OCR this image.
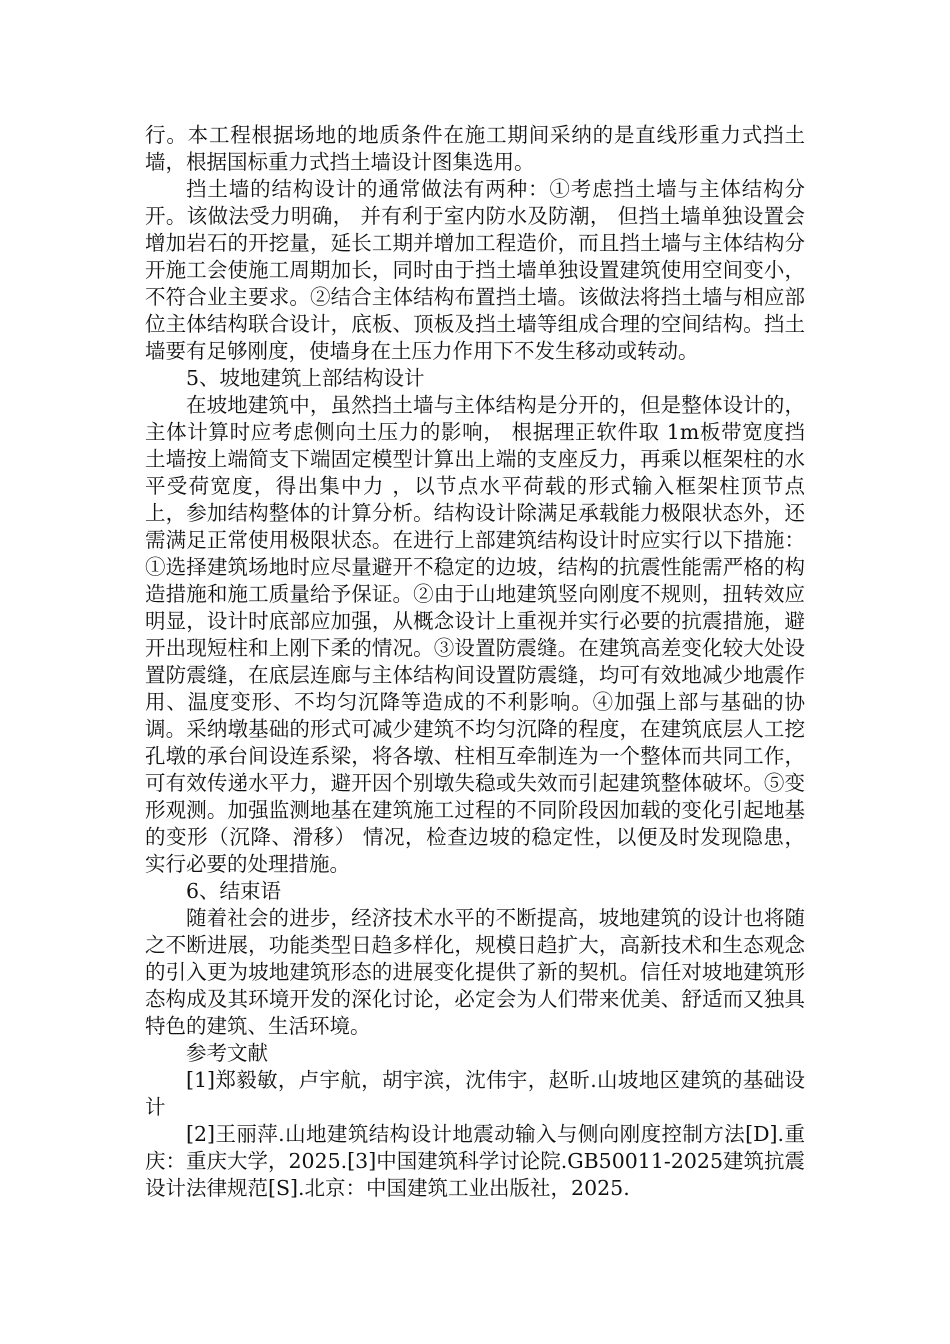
行。本工程根据场地的地质条件在施工期间采纳的是直线形重力式挡土墙，根据国标重力式挡土墙设计图集选用。

挡土墙的结构设计的通常做法有两种：①考虑挡土墙与主体结构分开。该做法受力明确， 并有利于室内防水及防潮， 但挡土墙单独设置会增加岩石的开挖量，延长工期并增加工程造价，而且挡土墙与主体结构分开施工会使施工周期加长，同时由于挡土墙单独设置建筑使用空间变小，不符合业主要求。②结合主体结构布置挡土墙。该做法将挡土墙与相应部位主体结构联合设计，底板、顶板及挡土墙等组成合理的空间结构。挡土墙要有足够刚度，使墙身在土压力作用下不发生移动或转动。

5、坡地建筑上部结构设计

在坡地建筑中，虽然挡土墙与主体结构是分开的，但是整体设计的，主体计算时应考虑侧向土压力的影响， 根据理正软件取 1m板带宽度挡土墙按上端简支下端固定模型计算出上端的支座反力，再乘以框架柱的水平受荷宽度，得出集中力 ，以节点水平荷载的形式输入框架柱顶节点上，参加结构整体的计算分析。结构设计除满足承载能力极限状态外，还需满足正常使用极限状态。在进行上部建筑结构设计时应实行以下措施：①选择建筑场地时应尽量避开不稳定的边坡，结构的抗震性能需严格的构造措施和施工质量给予保证。②由于山地建筑竖向刚度不规则，扭转效应明显，设计时底部应加强，从概念设计上重视并实行必要的抗震措施，避开出现短柱和上刚下柔的情况。③设置防震缝。在建筑高差变化较大处设置防震缝，在底层连廊与主体结构间设置防震缝，均可有效地减少地震作用、温度变形、不均匀沉降等造成的不利影响。④加强上部与基础的协调。采纳墩基础的形式可减少建筑不均匀沉降的程度，在建筑底层人工挖孔墩的承台间设连系梁，将各墩、柱相互牵制连为一个整体而共同工作，可有效传递水平力，避开因个别墩失稳或失效而引起建筑整体破坏。⑤变形观测。加强监测地基在建筑施工过程的不同阶段因加载的变化引起地基的变形（沉降、滑移） 情况，检查边坡的稳定性，以便及时发现隐患，实行必要的处理措施。

6、结束语

随着社会的进步，经济技术水平的不断提高，坡地建筑的设计也将随之不断进展，功能类型日趋多样化，规模日趋扩大，高新技术和生态观念的引入更为坡地建筑形态的进展变化提供了新的契机。信任对坡地建筑形态构成及其环境开发的深化讨论，必定会为人们带来优美、舒适而又独具特色的建筑、生活环境。

参考文献

[1]郑毅敏，卢宇航，胡宇滨，沈伟宇，赵昕.山坡地区建筑的基础设计

[2]王丽萍.山地建筑结构设计地震动输入与侧向刚度控制方法[D].重庆：重庆大学，2025.[3]中国建筑科学讨论院.GB50011-2025建筑抗震设计法律规范[S].北京：中国建筑工业出版社，2025.
